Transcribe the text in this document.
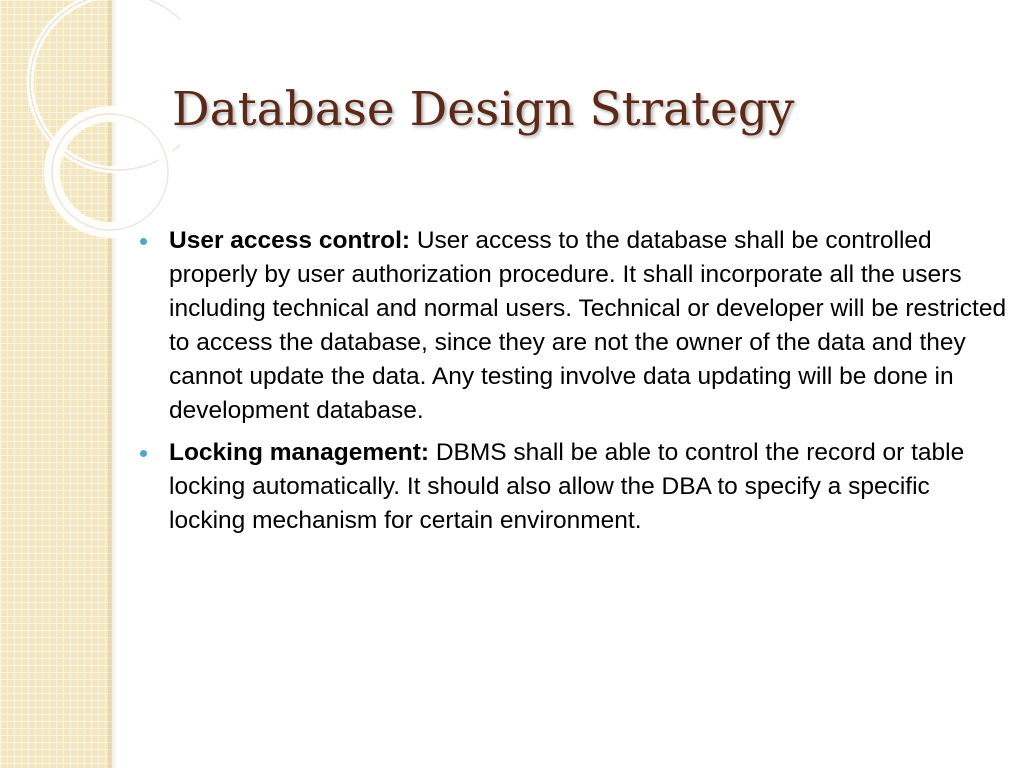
Database Design Strategy
User access control: User access to the database shall be controlled properly by user authorization procedure. It shall incorporate all the users including technical and normal users. Technical or developer will be restricted to access the database, since they are not the owner of the data and they cannot update the data. Any testing involve data updating will be done in development database.
Locking management: DBMS shall be able to control the record or table locking automatically. It should also allow the DBA to specify a specific locking mechanism for certain environment.
